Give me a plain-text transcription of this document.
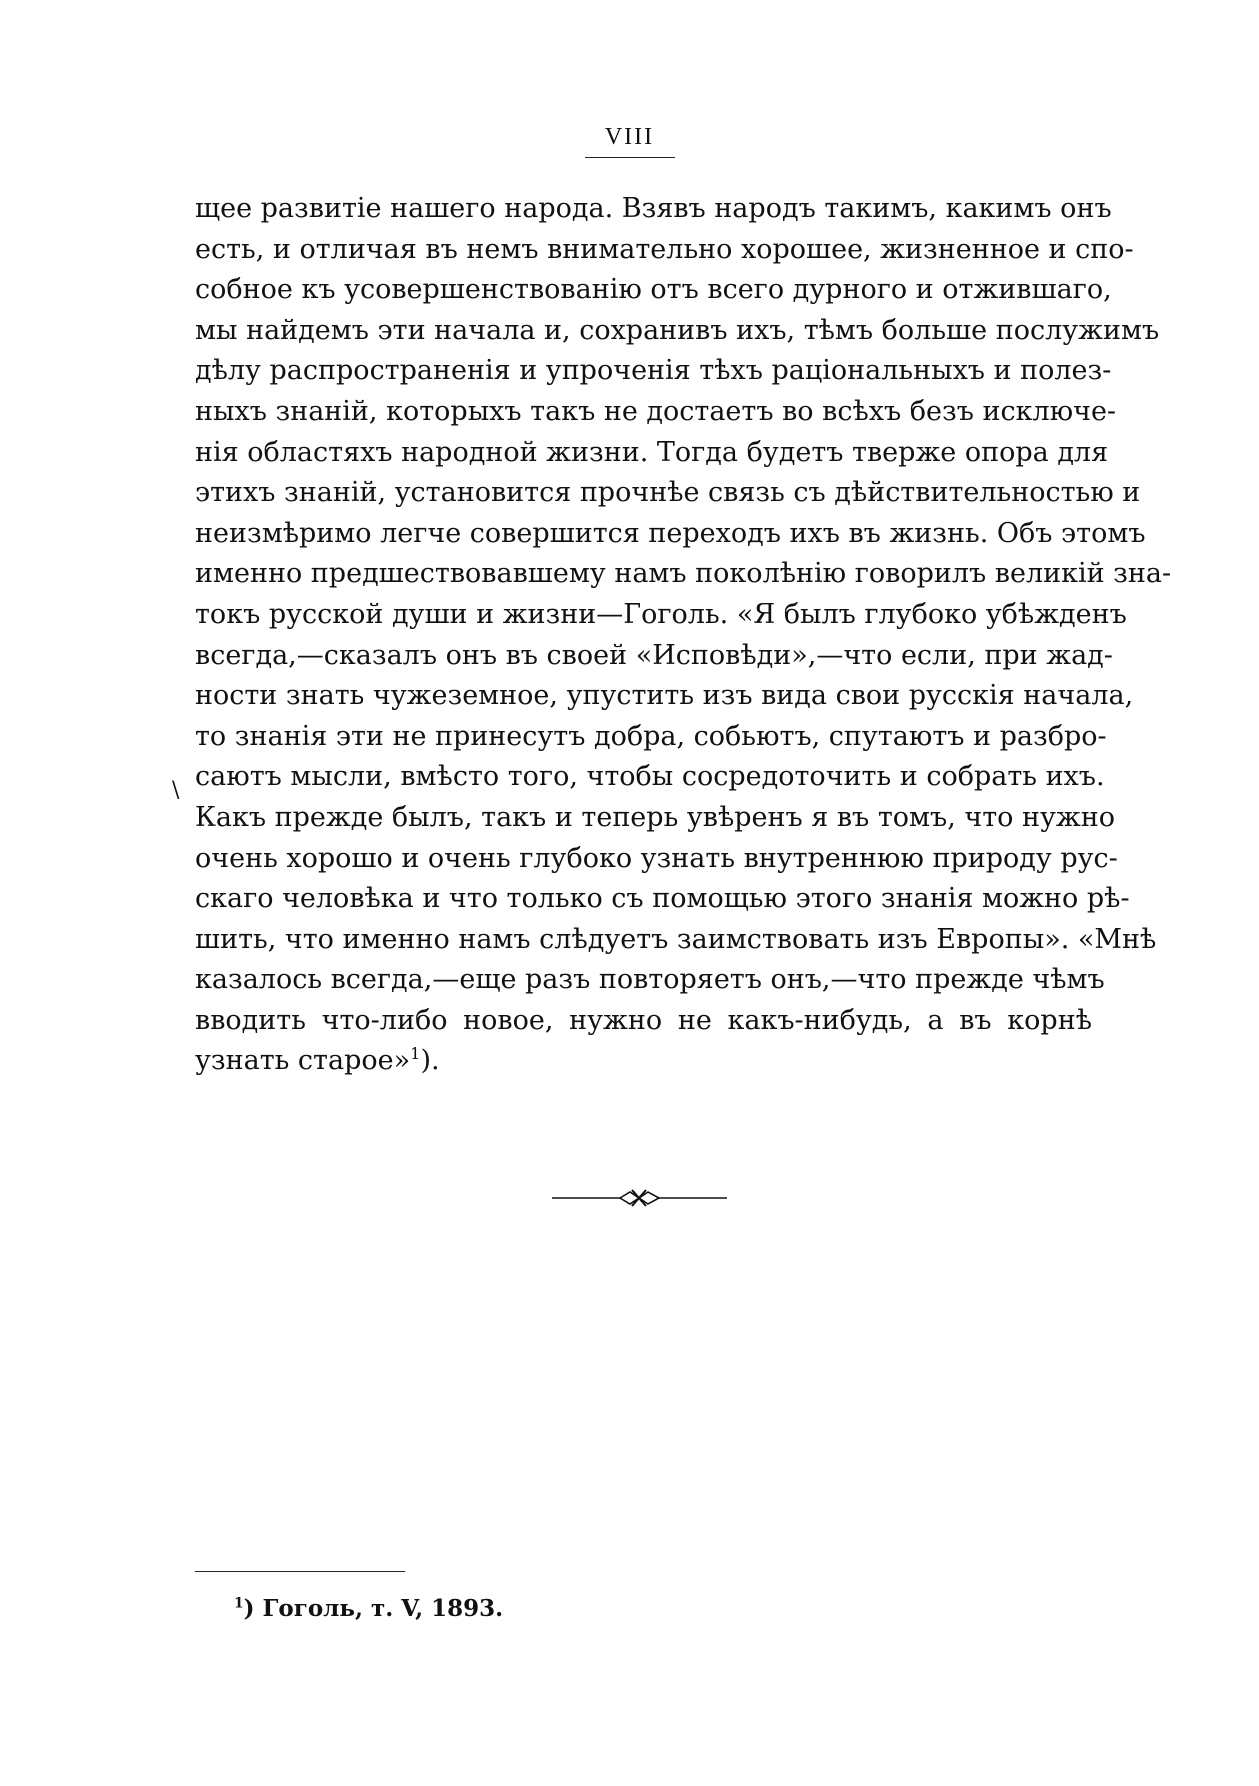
VIII
\
щее развитіе нашего народа. Взявъ народъ такимъ, какимъ онъ
есть, и отличая въ немъ внимательно хорошее, жизненное и спо-
собное къ усовершенствованію отъ всего дурного и отжившаго,
мы найдемъ эти начала и, сохранивъ ихъ, тѣмъ больше послужимъ
дѣлу распространенія и упроченія тѣхъ раціональныхъ и полез-
ныхъ знаній, которыхъ такъ не достаетъ во всѣхъ безъ исключе-
нія областяхъ народной жизни. Тогда будетъ тверже опора для
этихъ знаній, установится прочнѣе связь съ дѣйствительностью и
неизмѣримо легче совершится переходъ ихъ въ жизнь. Объ этомъ
именно предшествовавшему намъ поколѣнію говорилъ великій зна-
токъ русской души и жизни—Гоголь. «Я былъ глубоко убѣжденъ
всегда,—сказалъ онъ въ своей «Исповѣди»,—что если, при жад-
ности знать чужеземное, упустить изъ вида свои русскія начала,
то знанія эти не принесутъ добра, собьютъ, спутаютъ и разбро-
саютъ мысли, вмѣсто того, чтобы сосредоточить и собрать ихъ.
Какъ прежде былъ, такъ и теперь увѣренъ я въ томъ, что нужно
очень хорошо и очень глубоко узнать внутреннюю природу рус-
скаго человѣка и что только съ помощью этого знанія можно рѣ-
шить, что именно намъ слѣдуетъ заимствовать изъ Европы». «Мнѣ
казалось всегда,—еще разъ повторяетъ онъ,—что прежде чѣмъ
вводить что-либо новое, нужно не какъ-нибудь, а въ корнѣ
узнать старое»$^1$).
$^1$) Гоголь, т. V, 1893.
